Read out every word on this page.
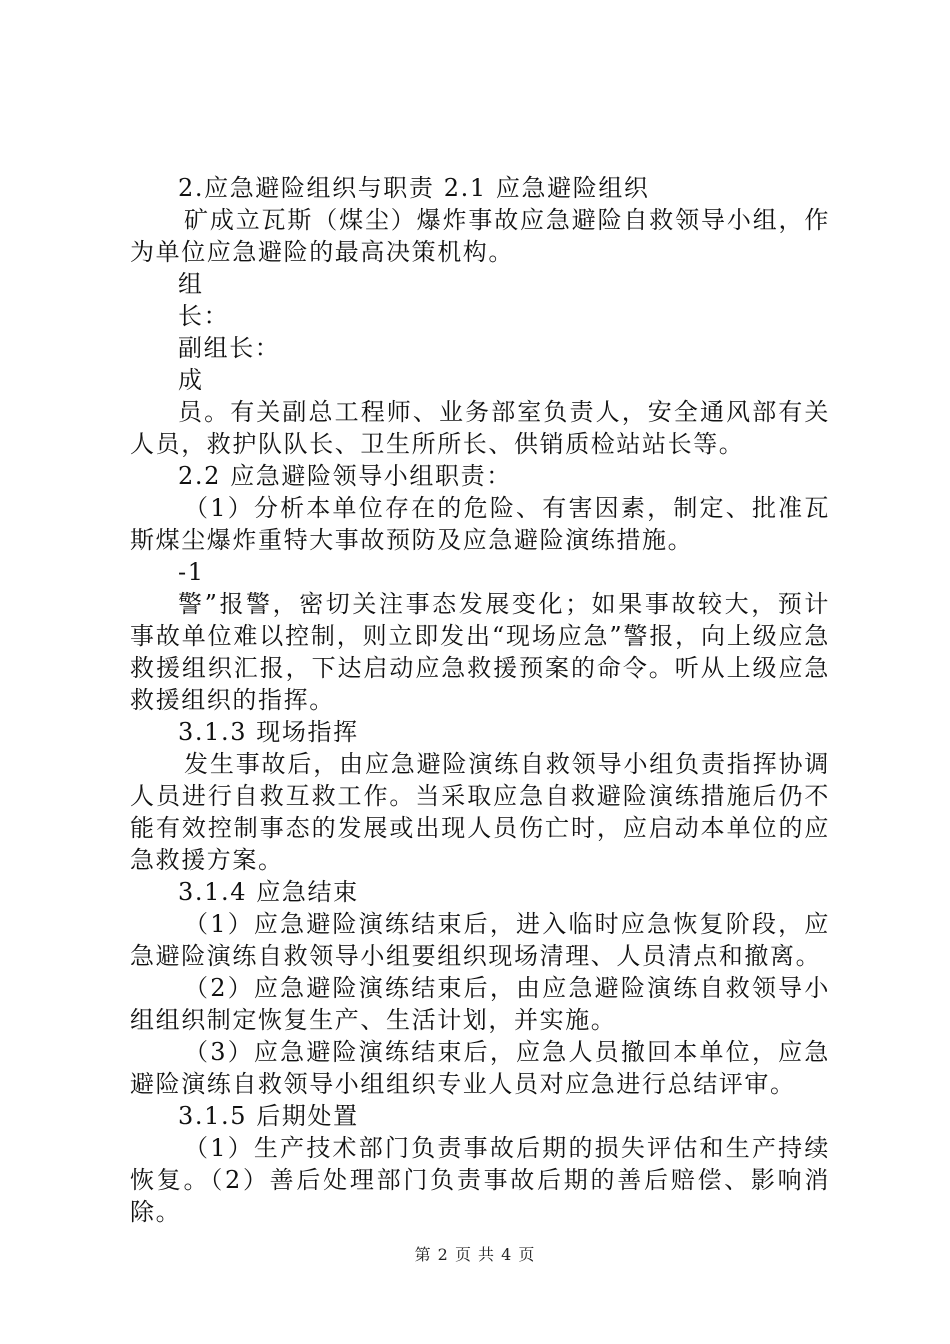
2.应急避险组织与职责 2.1 应急避险组织

矿成立瓦斯（煤尘）爆炸事故应急避险自救领导小组，作为单位应急避险的最高决策机构。

组

长：

副组长：

成

员。有关副总工程师、业务部室负责人，安全通风部有关人员，救护队队长、卫生所所长、供销质检站站长等。

2.2 应急避险领导小组职责：

（1）分析本单位存在的危险、有害因素，制定、批准瓦斯煤尘爆炸重特大事故预防及应急避险演练措施。

-1

警”报警，密切关注事态发展变化；如果事故较大，预计事故单位难以控制，则立即发出“现场应急”警报，向上级应急救援组织汇报，下达启动应急救援预案的命令。听从上级应急救援组织的指挥。

3.1.3 现场指挥

发生事故后，由应急避险演练自救领导小组负责指挥协调人员进行自救互救工作。当采取应急自救避险演练措施后仍不能有效控制事态的发展或出现人员伤亡时，应启动本单位的应急救援方案。

3.1.4 应急结束

（1）应急避险演练结束后，进入临时应急恢复阶段，应急避险演练自救领导小组要组织现场清理、人员清点和撤离。

（2）应急避险演练结束后，由应急避险演练自救领导小组组织制定恢复生产、生活计划，并实施。

（3）应急避险演练结束后，应急人员撤回本单位，应急避险演练自救领导小组组织专业人员对应急进行总结评审。

3.1.5 后期处置

（1）生产技术部门负责事故后期的损失评估和生产持续恢复。（2）善后处理部门负责事故后期的善后赔偿、影响消除。

第 2 页 共 4 页
